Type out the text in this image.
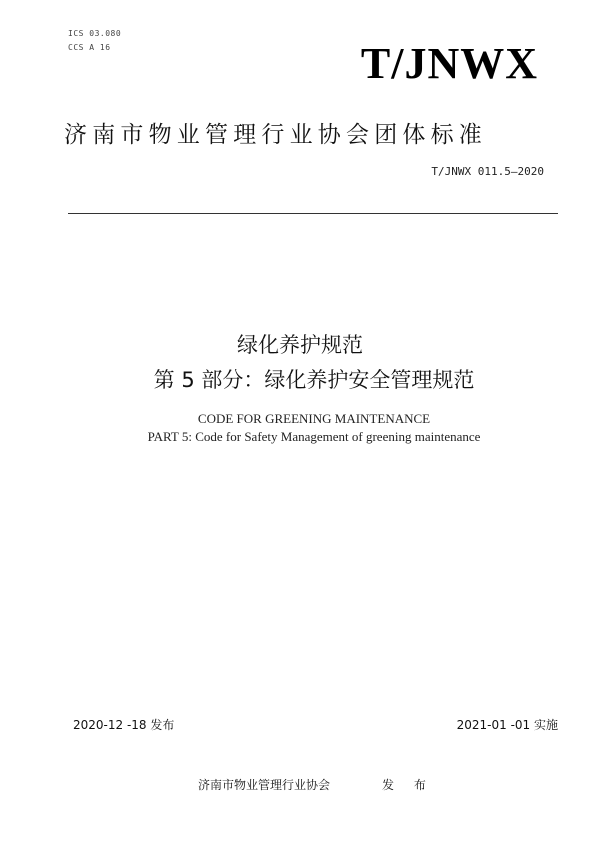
ICS 03.080
CCS A 16	T/JNWX
济南市物业管理行业协会团体标准
T/JNWX 011.5—2020
绿化养护规范
第 5 部分：绿化养护安全管理规范
CODE FOR GREENING MAINTENANCE
PART 5: Code for Safety Management of greening maintenance
2020-12 -18 发布	2021-01 -01 实施
济南市物业管理行业协会	发 布
